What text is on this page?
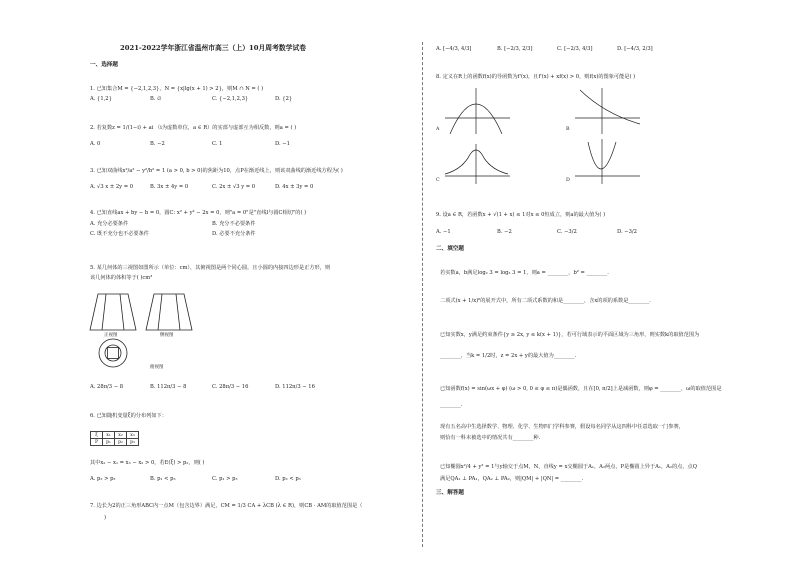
2021-2022学年浙江省温州市高三（上）10月周考数学试卷
一、选择题
1. 已知集合M = {−2,1,2,3}，N = {x|lg(x + 1) > 2}，则M ∩ N = ( )
A. {1,2}	B. ∅	C. {−2,1,2,3}	D. {2}
2. 若复数z = 1/(1−i) + ai （i为虚数单位，a ∈ R）的实部与虚部互为相反数，则a = ( )
A. 0	B. −2	C. 1	D. −1
3. 已知双曲线x²/a² − y²/b² = 1 (a > 0, b > 0)的焦距为10，点P在渐近线上，则该双曲线的渐近线方程为( )
A. √3 x ± 2y = 0	B. 3x ± 4y = 0	C. 2x ± √3 y = 0	D. 4x ± 3y = 0
4. 已知直线ax + by − b = 0，圆C: x² + y² − 2x = 0，则"a = 0"是"直线l与圆C相切"的( )
A. 充分必要条件	B. 充分不必要条件
C. 既不充分也不必要条件	D. 必要不充分条件
5. 某几何体的三视图如图所示（单位：cm），其俯视图是两个同心圆，且小圆的内接四边形是正方形，则
该几何体的体积等于( )cm³
正视图	侧视图
俯视图
A. 28π/3 − 8	B. 112π/3 − 8	C. 28π/3 − 16	D. 112π/3 − 16
6. 已知随机变量ξ的分布列如下：
ξ	x₁	x₂	x₃
P	p₁	p₂	p₃
其中x₂ − x₁ = x₃ − x₂ > 0，若E(ξ) > p₂，则( )
A. p₂ > p₃	B. p₁ < p₃	C. p₁ > p₃	D. p₂ < p₃
7. 边长为2的正三角形ABC内一点M（包含边界）满足，CM = 1/3 CA + λCB (λ ∈ R)，则CB · AM的取值范围是（
)
A. [−4/3, 4/3]	B. [−2/3, 2/3]	C. [−2/3, 4/3]	D. [−4/3, 2/3]
8. 定义在R上的函数f(x)的导函数为f'(x)，且f'(x) + xf(x) > 0，则f(x)的图象可能是( )
A	B
C	D
9. 设a ∈ R，若函数x + √(1 + x) ≤ 1对x ≤ 0恒成立，则a的最大值为( )
A. −1	B. −2	C. −3/2	D. −3/2
二、填空题
若实数a，b满足log₂ 3 = log₃ 3 = 1，则a = ________，b² = ________.
二项式(x + 1/x)⁶的展开式中，所有二项式系数的和是________，含x的项的系数是________.
已知实数x，y满足约束条件{y ≥ 2x, y ≤ k(x + 1)}，若可行域表示的平面区域为三角形，则实数k的取值范围为
________，当k = 1/2时，z = 2x + y的最大值为________.
已知函数f(x) = sin(ωx + φ) (ω > 0, 0 ≤ φ ≤ π)是偶函数，且在[0, π/2]上是减函数，则φ = ________，ω的取值范围是
________.
现有五名高中生选择数学、物理、化学、生物四门学科参赛，假设每名同学从这四科中任意选取一门参赛，
则恰有一科未被选中的情况共有________种.
已知椭圆x²/4 + y² = 1与y轴交于点M，N，直线y = x交椭圆于A₁，A₂两点，P是椭圆上异于A₁，A₂的点，点Q
满足QA₁ ⊥ PA₁，QA₂ ⊥ PA₂，则|QM| + |QN| = ________.
三、解答题
